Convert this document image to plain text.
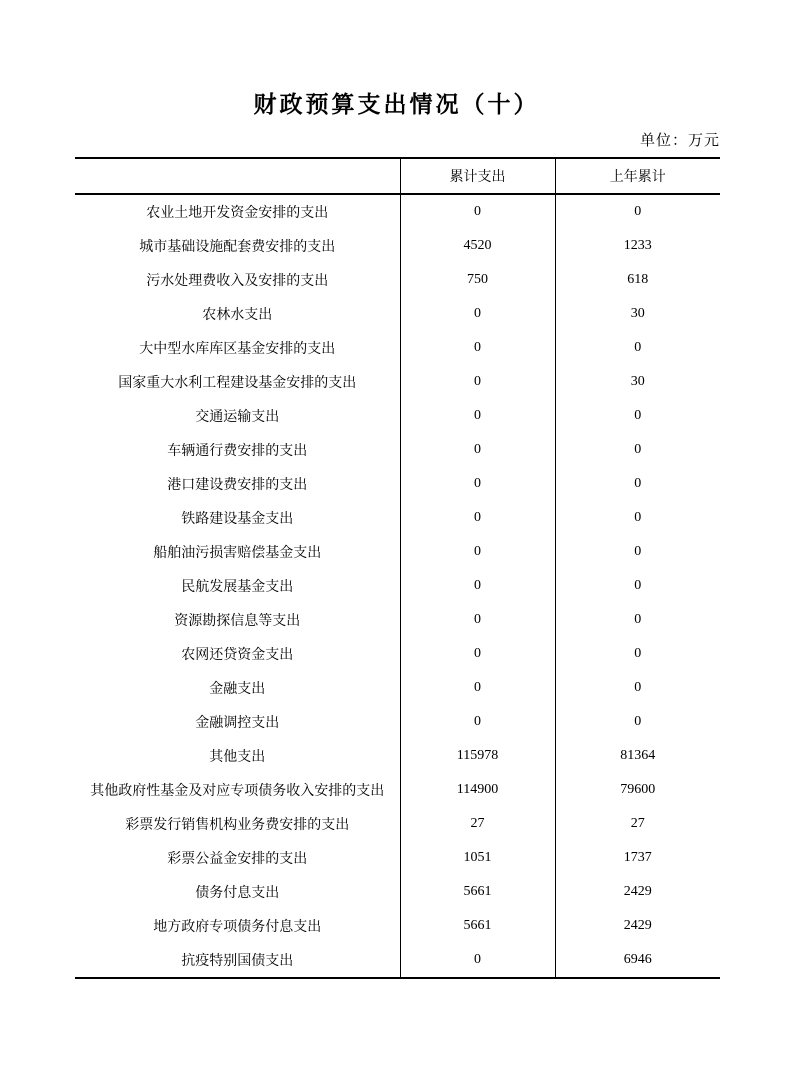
财政预算支出情况（十）
单位：万元
	累计支出	上年累计
农业土地开发资金安排的支出	0	0
城市基础设施配套费安排的支出	4520	1233
污水处理费收入及安排的支出	750	618
农林水支出	0	30
大中型水库库区基金安排的支出	0	0
国家重大水利工程建设基金安排的支出	0	30
交通运输支出	0	0
车辆通行费安排的支出	0	0
港口建设费安排的支出	0	0
铁路建设基金支出	0	0
船舶油污损害赔偿基金支出	0	0
民航发展基金支出	0	0
资源勘探信息等支出	0	0
农网还贷资金支出	0	0
金融支出	0	0
金融调控支出	0	0
其他支出	115978	81364
其他政府性基金及对应专项债务收入安排的支出	114900	79600
彩票发行销售机构业务费安排的支出	27	27
彩票公益金安排的支出	1051	1737
债务付息支出	5661	2429
地方政府专项债务付息支出	5661	2429
抗疫特别国债支出	0	6946
